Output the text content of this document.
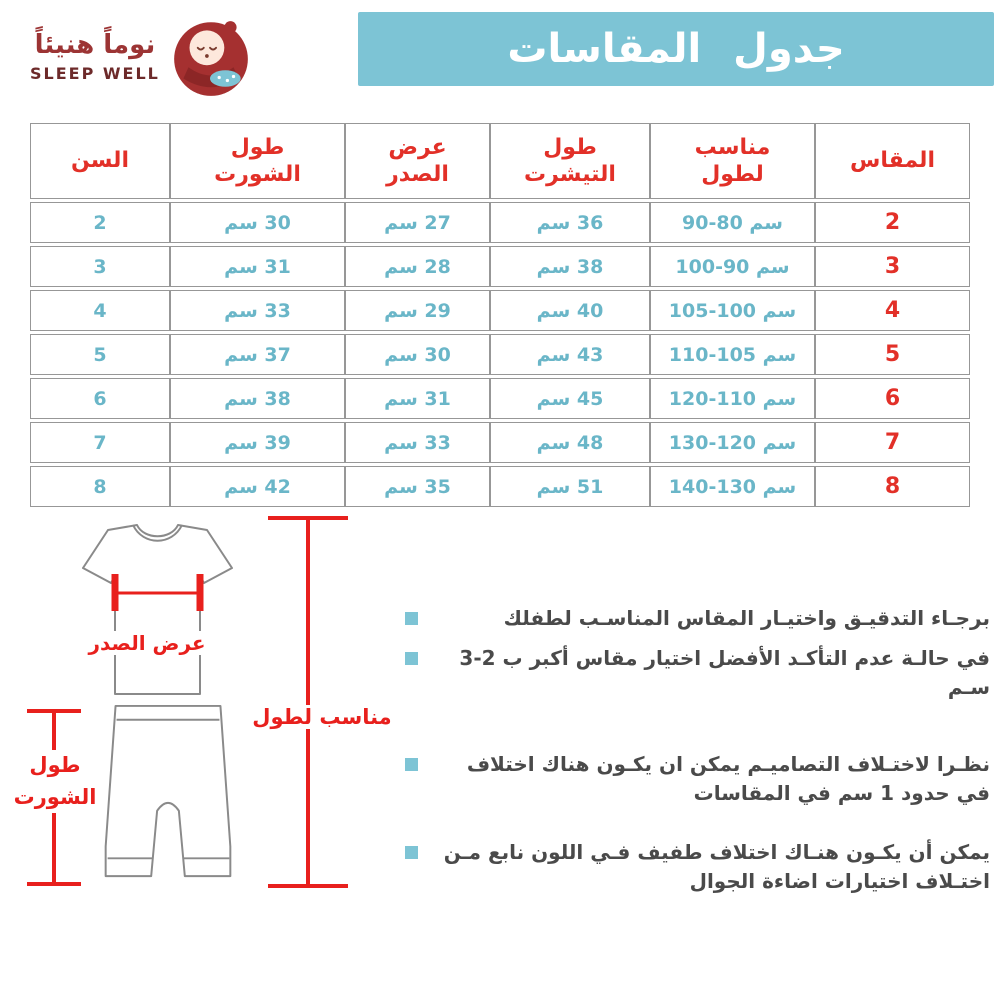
نوماً هنيئاً
SLEEP WELL
جدول المقاسات
المقاس	مناسب لطول	طول التيشرت	عرض الصدر	طول الشورت	السن
2	سم 80-90	36 سم	27 سم	30 سم	2
3	سم 90-100	38 سم	28 سم	31 سم	3
4	سم 100-105	40 سم	29 سم	33 سم	4
5	سم 105-110	43 سم	30 سم	37 سم	5
6	سم 110-120	45 سم	31 سم	38 سم	6
7	سم 120-130	48 سم	33 سم	39 سم	7
8	سم 130-140	51 سم	35 سم	42 سم	8
عرض الصدر
مناسب لطول
طول الشورت
برجـاء التدقيـق واختيـار المقاس المناسـب لطفلك
في حالـة عدم التأكـد الأفضل اختيار مقاس أكبر ب 2-3 سـم
نظـرا لاختـلاف التصاميـم يمكن ان يكـون هناك اختلاف في حدود 1 سم في المقاسات
يمكن أن يكـون هنـاك اختلاف طفيف فـي اللون نابع مـن اختـلاف اختيارات اضاءة الجوال
